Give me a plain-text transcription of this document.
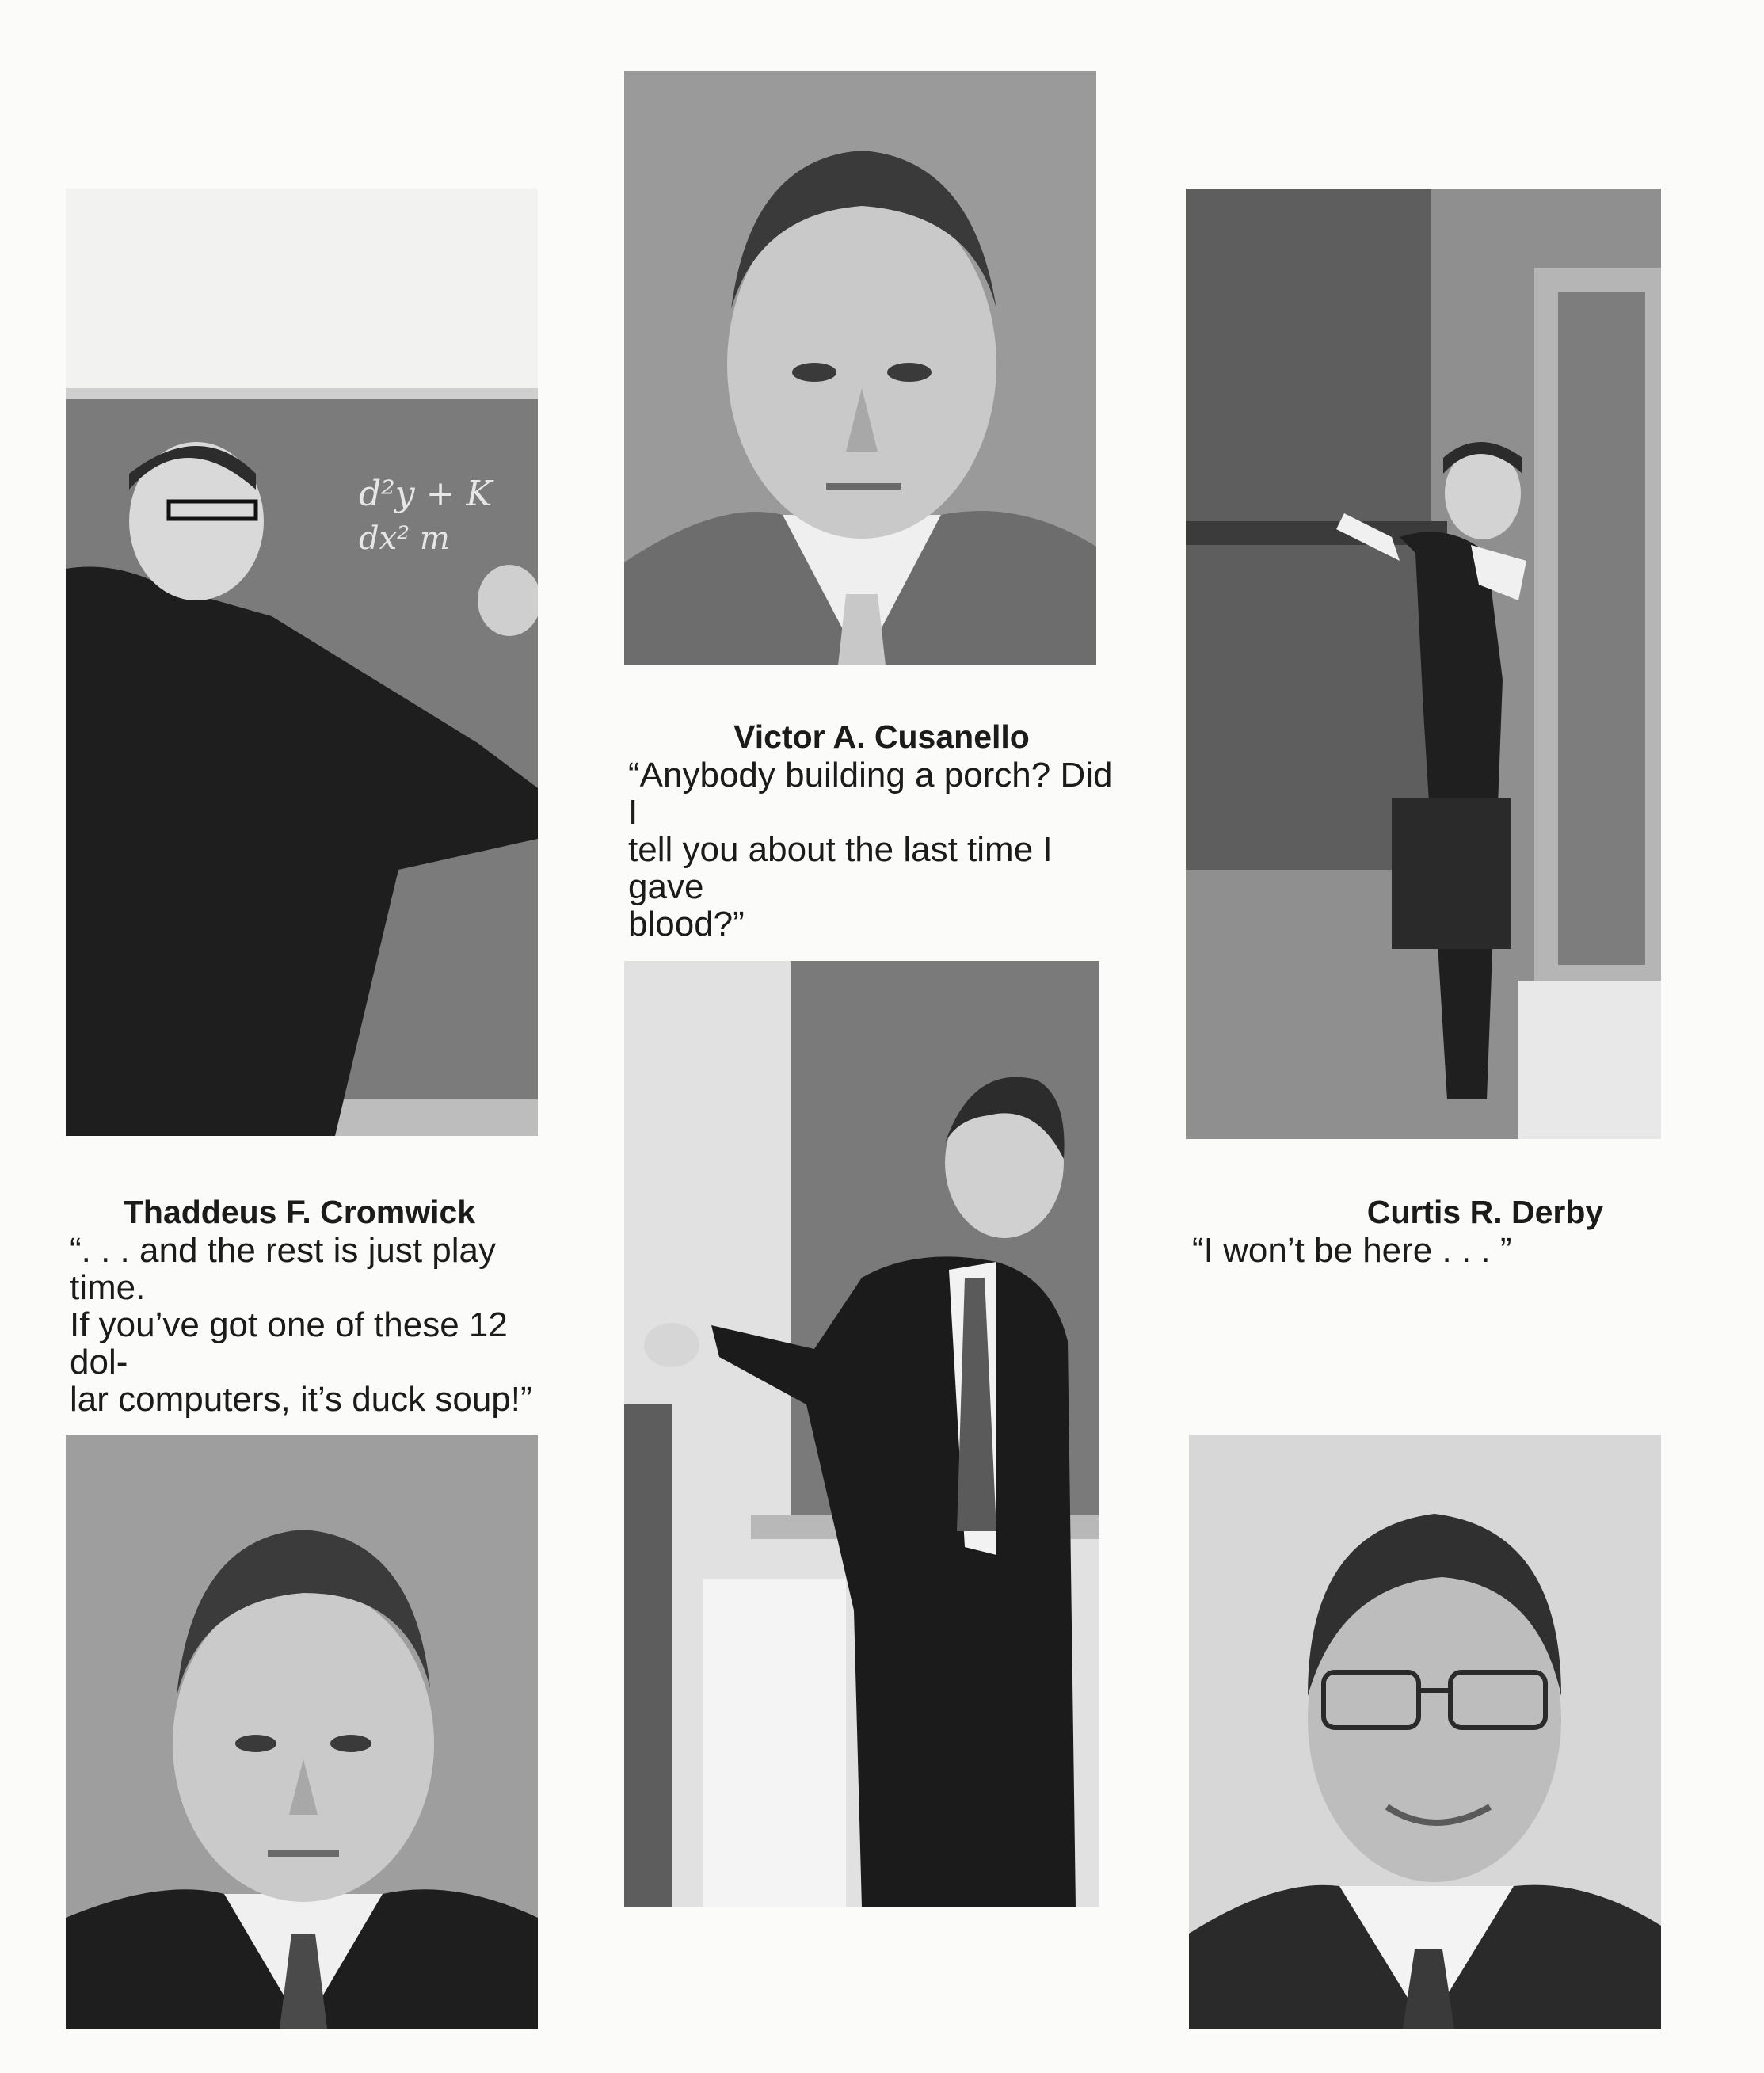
d²y + K
dx² m
Victor A. Cusanello
“Anybody building a porch? Did I
tell you about the last time I gave
blood?”
Thaddeus F. Cromwick
“. . . and the rest is just play time.
If you’ve got one of these 12 dol-
lar computers, it’s duck soup!”
Curtis R. Derby
“I won’t be here . . . ”
